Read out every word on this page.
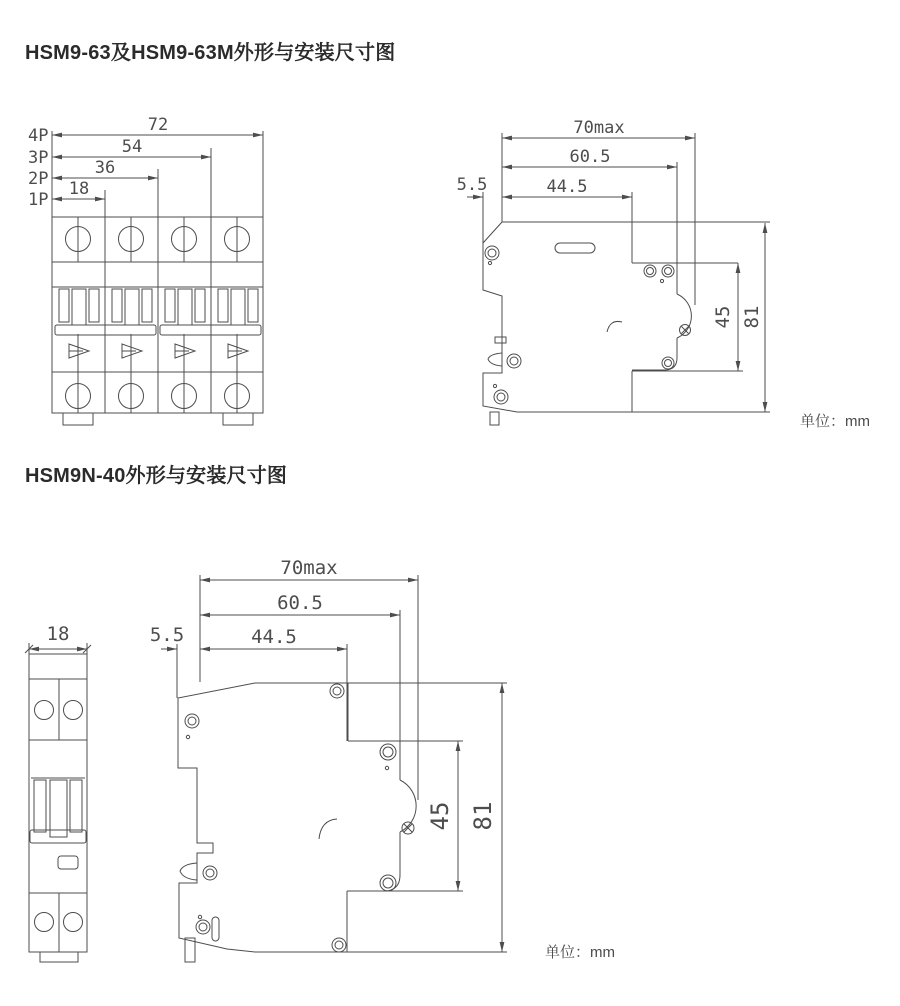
HSM9-63及HSM9-63M外形与安装尺寸图
72
54
36
18
4P
3P
2P
1P
70max
60.5
5.5	44.5
45 81
单位：mm
HSM9N-40外形与安装尺寸图
18
70max
60.5
5.5	44.5
45 81
单位：mm
